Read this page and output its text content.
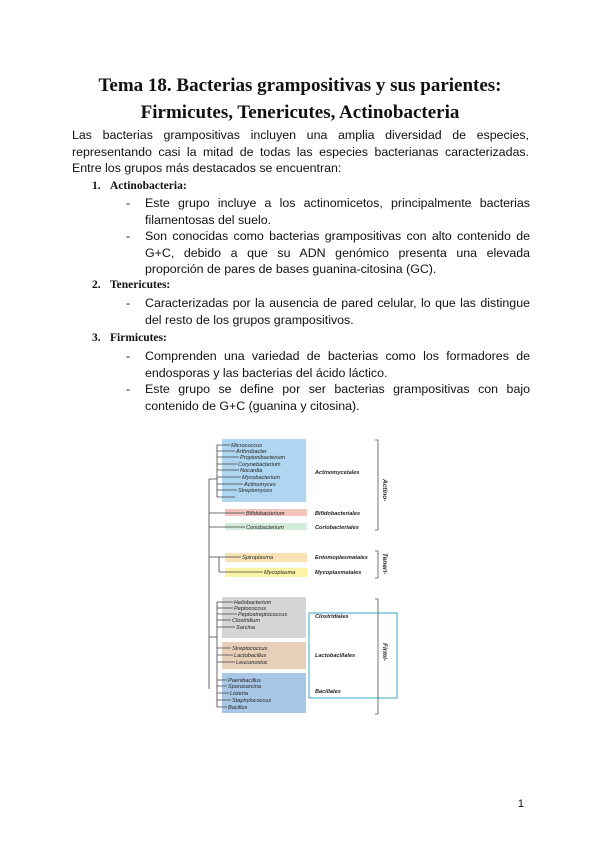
Tema 18. Bacterias grampositivas y sus parientes:
Firmicutes, Tenericutes, Actinobacteria

Las bacterias grampositivas incluyen una amplia diversidad de especies, representando casi la mitad de todas las especies bacterianas caracterizadas. Entre los grupos más destacados se encuentran:

1. Actinobacteria:

- Este grupo incluye a los actinomicetos, principalmente bacterias filamentosas del suelo.
- Son conocidas como bacterias grampositivas con alto contenido de G+C, debido a que su ADN genómico presenta una elevada proporción de pares de bases guanina-citosina (GC).

2. Tenericutes:

- Caracterizadas por la ausencia de pared celular, lo que las distingue del resto de los grupos grampositivos.

3. Firmicutes:

- Comprenden una variedad de bacterias como los formadores de endosporas y las bacterias del ácido láctico.
- Este grupo se define por ser bacterias grampositivas con bajo contenido de G+C (guanina y citosina).
Micrococcus
Arthrobacter
Propionibacterium
Corynebacterium
Nocardia
Mycobacterium
Actinomyces
Streptomyces
Bifidobacterium
Coriobacterium
Spiroplasma
Mycoplasma
Heliobacterium
Peptococcus
Peptostreptococcus
Clostridium
Sarcina
Streptococcus
Lactobacillus
Leuconostoc
Paenibacillus
Sporosarcina
Listeria
Staphylococcus
Bacillus
Actinomycetales
Bifidobacteriales
Coriobacteriales
Entomoplasmatales
Mycoplasmatales
Clostridiales
Lactobacillales
Bacillales
Actino-
Teneri-
Firmi-

1
